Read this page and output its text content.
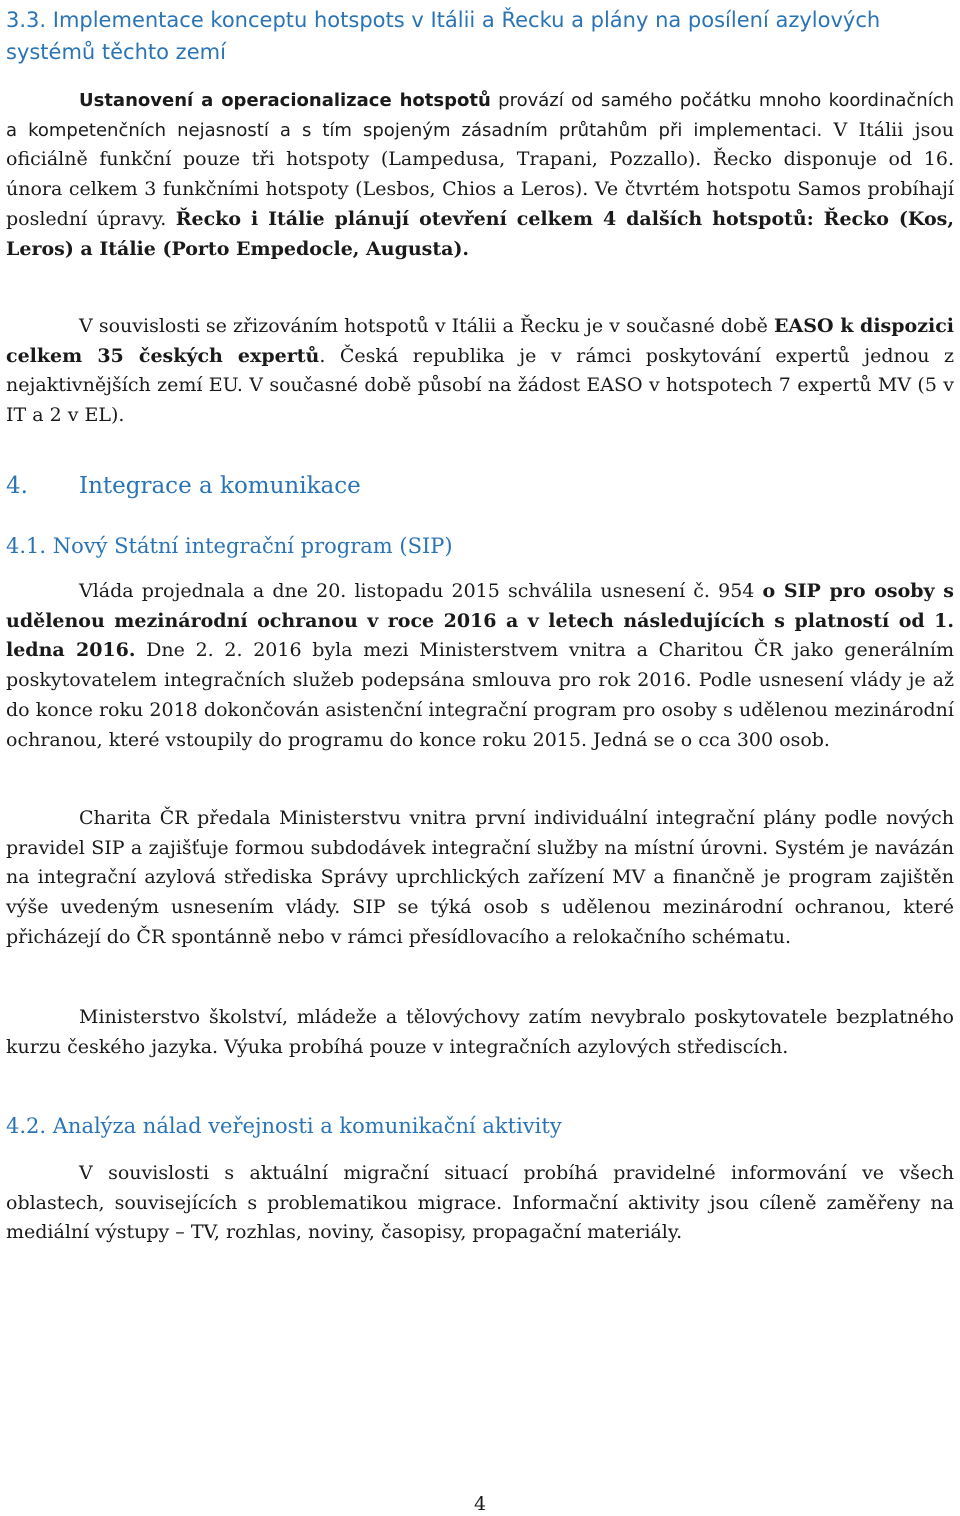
3.3. Implementace konceptu hotspots v Itálii a Řecku a plány na posílení azylových systémů těchto zemí
Ustanovení a operacionalizace hotspotů provází od samého počátku mnoho koordinačních a kompetenčních nejasností a s tím spojeným zásadním průtahům při implementaci. V Itálii jsou oficiálně funkční pouze tři hotspoty (Lampedusa, Trapani, Pozzallo). Řecko disponuje od 16. února celkem 3 funkčními hotspoty (Lesbos, Chios a Leros). Ve čtvrtém hotspotu Samos probíhají poslední úpravy. Řecko i Itálie plánují otevření celkem 4 dalších hotspotů: Řecko (Kos, Leros) a Itálie (Porto Empedocle, Augusta).
V souvislosti se zřizováním hotspotů v Itálii a Řecku je v současné době EASO k dispozici celkem 35 českých expertů. Česká republika je v rámci poskytování expertů jednou z nejaktivnějších zemí EU. V současné době působí na žádost EASO v hotspotech 7 expertů MV (5 v IT a 2 v EL).
4. Integrace a komunikace
4.1. Nový Státní integrační program (SIP)
Vláda projednala a dne 20. listopadu 2015 schválila usnesení č. 954 o SIP pro osoby s udělenou mezinárodní ochranou v roce 2016 a v letech následujících s platností od 1. ledna 2016. Dne 2. 2. 2016 byla mezi Ministerstvem vnitra a Charitou ČR jako generálním poskytovatelem integračních služeb podepsána smlouva pro rok 2016. Podle usnesení vlády je až do konce roku 2018 dokončován asistenční integrační program pro osoby s udělenou mezinárodní ochranou, které vstoupily do programu do konce roku 2015. Jedná se o cca 300 osob.
Charita ČR předala Ministerstvu vnitra první individuální integrační plány podle nových pravidel SIP a zajišťuje formou subdodávek integrační služby na místní úrovni. Systém je navázán na integrační azylová střediska Správy uprchlických zařízení MV a finančně je program zajištěn výše uvedeným usnesením vlády. SIP se týká osob s udělenou mezinárodní ochranou, které přicházejí do ČR spontánně nebo v rámci přesídlovacího a relokačního schématu.
Ministerstvo školství, mládeže a tělovýchovy zatím nevybralo poskytovatele bezplatného kurzu českého jazyka. Výuka probíhá pouze v integračních azylových střediscích.
4.2. Analýza nálad veřejnosti a komunikační aktivity
V souvislosti s aktuální migrační situací probíhá pravidelné informování ve všech oblastech, souvisejících s problematikou migrace. Informační aktivity jsou cíleně zaměřeny na mediální výstupy – TV, rozhlas, noviny, časopisy, propagační materiály.
4
